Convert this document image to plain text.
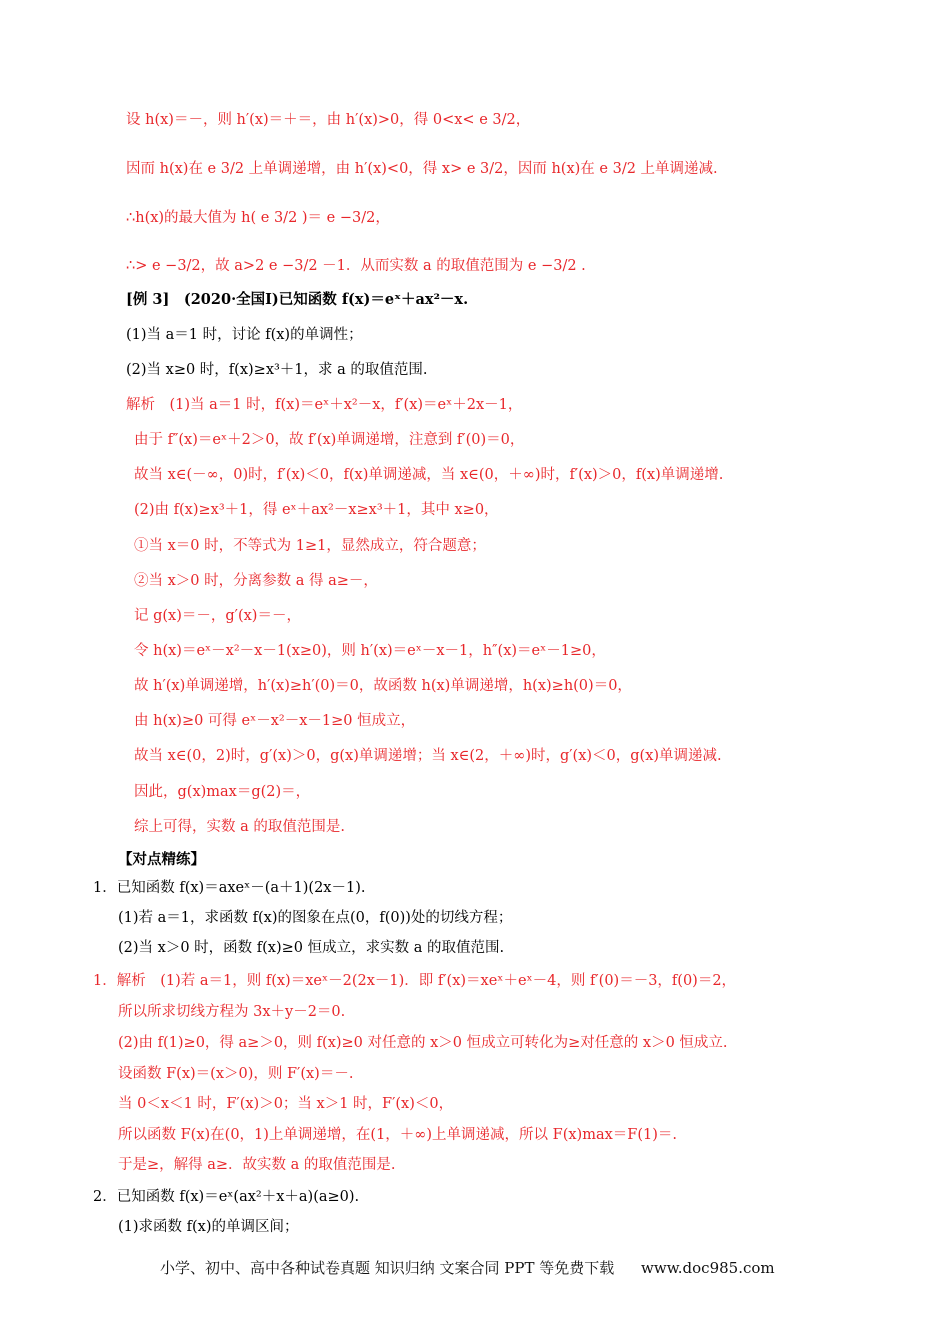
设 h(x)＝－，则 h′(x)＝＋＝，由 h′(x)>0，得 0<x< e 3/2，
因而 h(x)在 e 3/2 上单调递增，由 h′(x)<0，得 x> e 3/2，因而 h(x)在 e 3/2 上单调递减.
∴h(x)的最大值为 h( e 3/2 )＝ e −3/2，
∴> e −3/2，故 a>2 e −3/2 －1．从而实数 a 的取值范围为 e −3/2 .
[例 3]　(2020·全国Ⅰ)已知函数 f(x)＝eˣ＋ax²－x.
(1)当 a＝1 时，讨论 f(x)的单调性；
(2)当 x≥0 时，f(x)≥x³＋1，求 a 的取值范围.
解析　(1)当 a＝1 时，f(x)＝eˣ＋x²－x，f′(x)＝eˣ＋2x－1，
由于 f″(x)＝eˣ＋2＞0，故 f′(x)单调递增，注意到 f′(0)＝0，
故当 x∈(－∞，0)时，f′(x)＜0，f(x)单调递减，当 x∈(0，＋∞)时，f′(x)＞0，f(x)单调递增.
(2)由 f(x)≥x³＋1，得 eˣ＋ax²－x≥x³＋1，其中 x≥0，
①当 x＝0 时，不等式为 1≥1，显然成立，符合题意；
②当 x＞0 时，分离参数 a 得 a≥－，
记 g(x)＝－，g′(x)＝－，
令 h(x)＝eˣ－x²－x－1(x≥0)，则 h′(x)＝eˣ－x－1，h″(x)＝eˣ－1≥0，
故 h′(x)单调递增，h′(x)≥h′(0)＝0，故函数 h(x)单调递增，h(x)≥h(0)＝0，
由 h(x)≥0 可得 eˣ－x²－x－1≥0 恒成立，
故当 x∈(0，2)时，g′(x)＞0，g(x)单调递增；当 x∈(2，＋∞)时，g′(x)＜0，g(x)单调递减.
因此，g(x)max＝g(2)＝，
综上可得，实数 a 的取值范围是.
【对点精练】
1．已知函数 f(x)＝axeˣ－(a＋1)(2x－1).
(1)若 a＝1，求函数 f(x)的图象在点(0，f(0))处的切线方程；
(2)当 x＞0 时，函数 f(x)≥0 恒成立，求实数 a 的取值范围.
1．解析　(1)若 a＝1，则 f(x)＝xeˣ－2(2x－1)．即 f′(x)＝xeˣ＋eˣ－4，则 f′(0)＝－3，f(0)＝2，
所以所求切线方程为 3x＋y－2＝0.
(2)由 f(1)≥0，得 a≥＞0，则 f(x)≥0 对任意的 x＞0 恒成立可转化为≥对任意的 x＞0 恒成立.
设函数 F(x)＝(x＞0)，则 F′(x)＝－.
当 0＜x＜1 时，F′(x)＞0；当 x＞1 时，F′(x)＜0，
所以函数 F(x)在(0，1)上单调递增，在(1，＋∞)上单调递减，所以 F(x)max＝F(1)＝.
于是≥，解得 a≥．故实数 a 的取值范围是.
2．已知函数 f(x)＝eˣ(ax²＋x＋a)(a≥0).
(1)求函数 f(x)的单调区间；
小学、初中、高中各种试卷真题 知识归纳 文案合同 PPT 等免费下载 www.doc985.com
